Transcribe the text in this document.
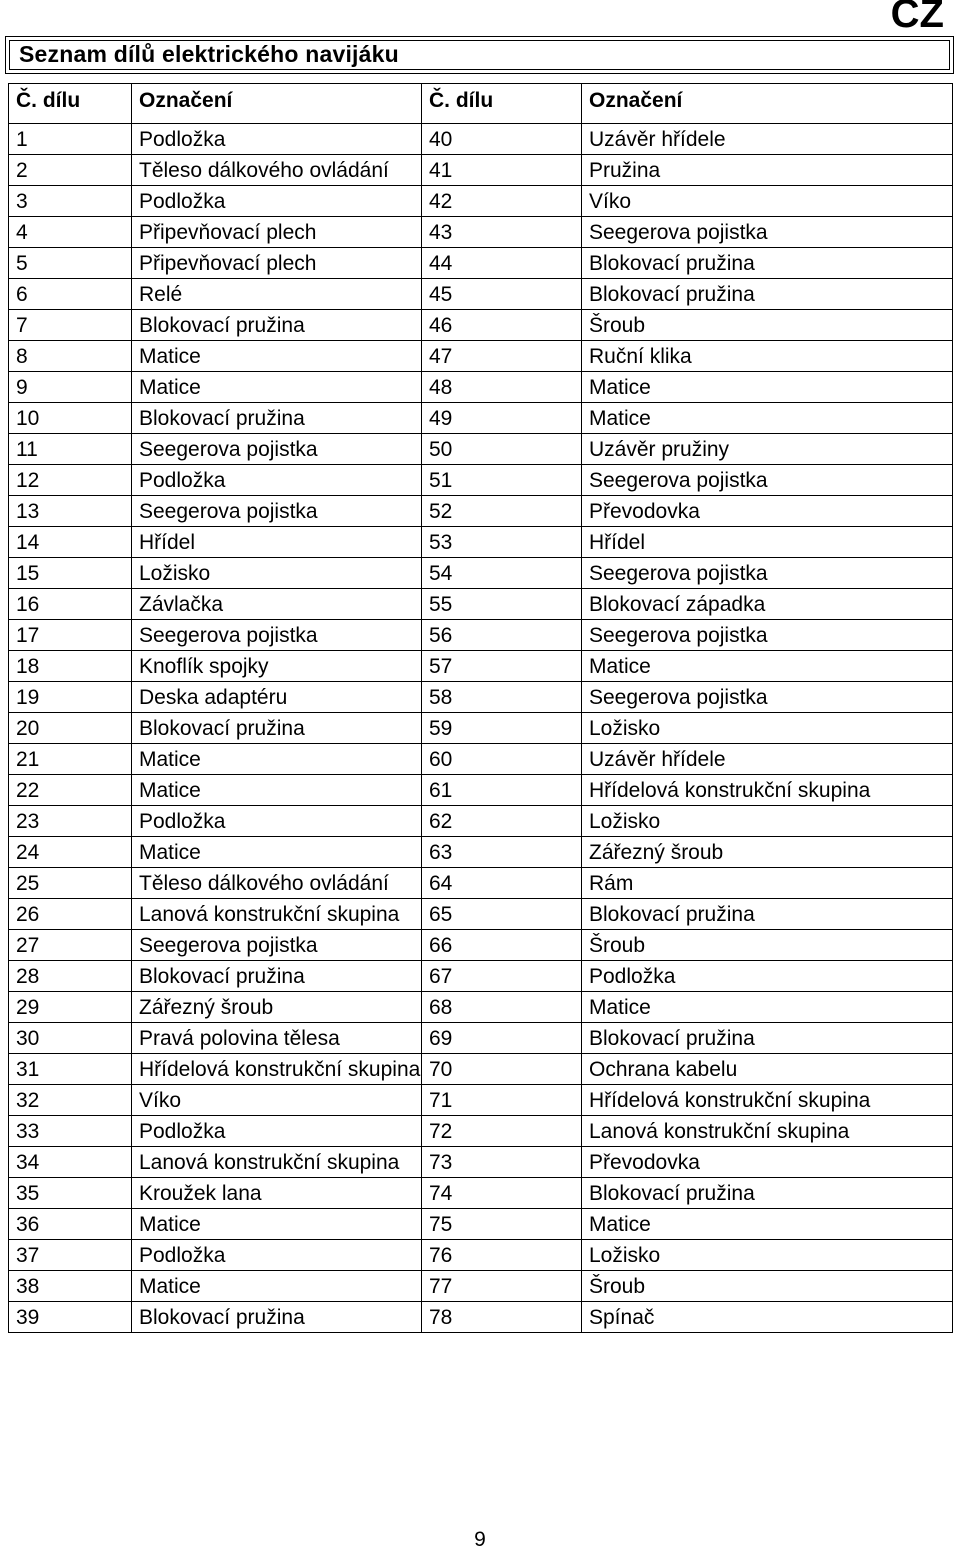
CZ
Seznam dílů elektrického navijáku
Č. dílu	Označení	Č. dílu	Označení
1	Podložka	40	Uzávěr hřídele
2	Těleso dálkového ovládání	41	Pružina
3	Podložka	42	Víko
4	Připevňovací plech	43	Seegerova pojistka
5	Připevňovací plech	44	Blokovací pružina
6	Relé	45	Blokovací pružina
7	Blokovací pružina	46	Šroub
8	Matice	47	Ruční klika
9	Matice	48	Matice
10	Blokovací pružina	49	Matice
11	Seegerova pojistka	50	Uzávěr pružiny
12	Podložka	51	Seegerova pojistka
13	Seegerova pojistka	52	Převodovka
14	Hřídel	53	Hřídel
15	Ložisko	54	Seegerova pojistka
16	Závlačka	55	Blokovací západka
17	Seegerova pojistka	56	Seegerova pojistka
18	Knoflík spojky	57	Matice
19	Deska adaptéru	58	Seegerova pojistka
20	Blokovací pružina	59	Ložisko
21	Matice	60	Uzávěr hřídele
22	Matice	61	Hřídelová konstrukční skupina
23	Podložka	62	Ložisko
24	Matice	63	Zářezný šroub
25	Těleso dálkového ovládání	64	Rám
26	Lanová konstrukční skupina	65	Blokovací pružina
27	Seegerova pojistka	66	Šroub
28	Blokovací pružina	67	Podložka
29	Zářezný šroub	68	Matice
30	Pravá polovina tělesa	69	Blokovací pružina
31	Hřídelová konstrukční skupina	70	Ochrana kabelu
32	Víko	71	Hřídelová konstrukční skupina
33	Podložka	72	Lanová konstrukční skupina
34	Lanová konstrukční skupina	73	Převodovka
35	Kroužek lana	74	Blokovací pružina
36	Matice	75	Matice
37	Podložka	76	Ložisko
38	Matice	77	Šroub
39	Blokovací pružina	78	Spínač
9
